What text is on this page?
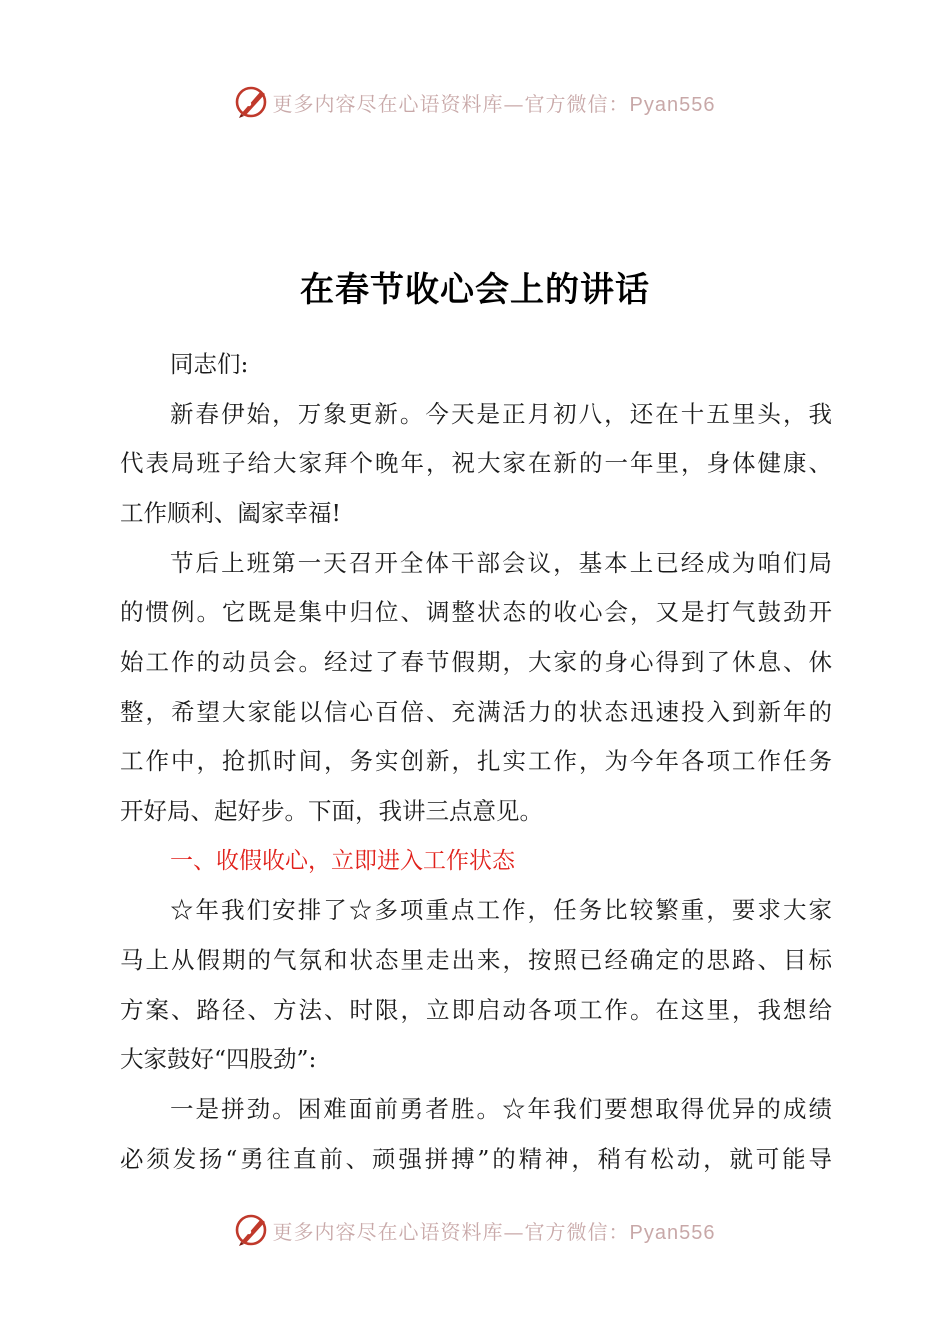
更多内容尽在心语资料库—官方微信：Pyan556
在春节收心会上的讲话
同志们:
新春伊始，万象更新。今天是正月初八，还在十五里头，我
代表局班子给大家拜个晚年，祝大家在新的一年里，身体健康、
工作顺利、阖家幸福!
节后上班第一天召开全体干部会议，基本上已经成为咱们局
的惯例。它既是集中归位、调整状态的收心会，又是打气鼓劲开
始工作的动员会。经过了春节假期，大家的身心得到了休息、休
整，希望大家能以信心百倍、充满活力的状态迅速投入到新年的
工作中，抢抓时间，务实创新，扎实工作，为今年各项工作任务
开好局、起好步。下面，我讲三点意见。
一、收假收心，立即进入工作状态
☆年我们安排了☆多项重点工作，任务比较繁重，要求大家
马上从假期的气氛和状态里走出来，按照已经确定的思路、目标
方案、路径、方法、时限，立即启动各项工作。在这里，我想给
大家鼓好“四股劲”:
一是拼劲。困难面前勇者胜。☆年我们要想取得优异的成绩
必须发扬“勇往直前、顽强拼搏”的精神，稍有松动，就可能导
更多内容尽在心语资料库—官方微信：Pyan556
